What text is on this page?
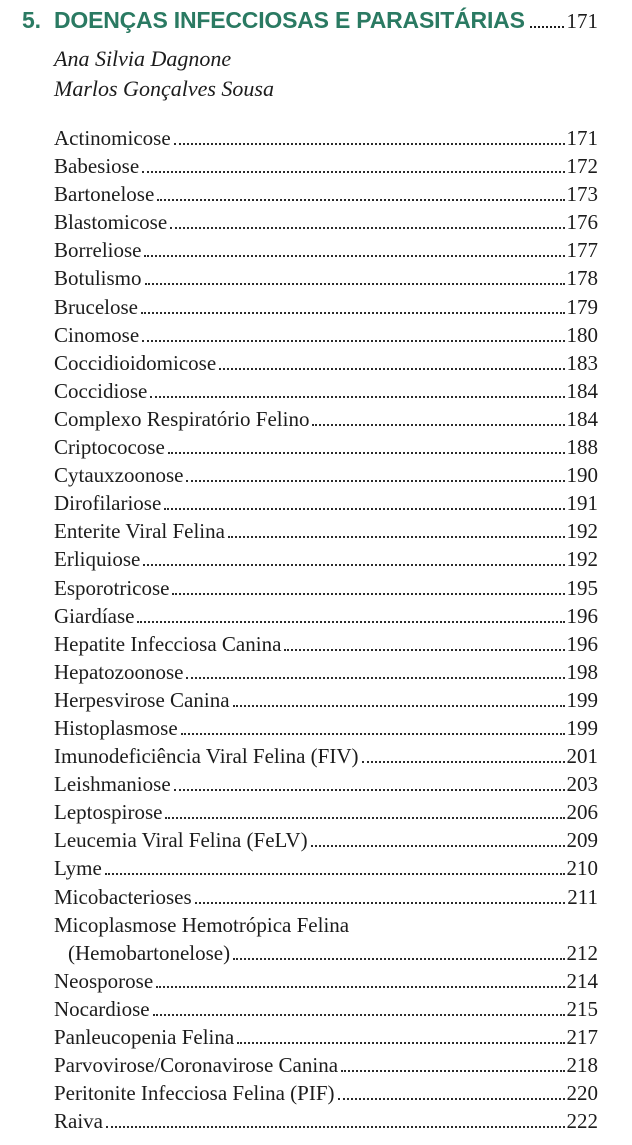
5. DOENÇAS INFECCIOSAS E PARASITÁRIAS 171
Ana Silvia Dagnone
Marlos Gonçalves Sousa
Actinomicose	171
Babesiose	172
Bartonelose	173
Blastomicose	176
Borreliose	177
Botulismo	178
Brucelose	179
Cinomose	180
Coccidioidomicose	183
Coccidiose	184
Complexo Respiratório Felino	184
Criptococose	188
Cytauxzoonose	190
Dirofilariose	191
Enterite Viral Felina	192
Erliquiose	192
Esporotricose	195
Giardíase	196
Hepatite Infecciosa Canina	196
Hepatozoonose	198
Herpesvirose Canina	199
Histoplasmose	199
Imunodeficiência Viral Felina (FIV)	201
Leishmaniose	203
Leptospirose	206
Leucemia Viral Felina (FeLV)	209
Lyme	210
Micobacterioses	211
Micoplasmose Hemotrópica Felina
(Hemobartonelose)	212
Neosporose	214
Nocardiose	215
Panleucopenia Felina	217
Parvovirose/Coronavirose Canina	218
Peritonite Infecciosa Felina (PIF)	220
Raiva	222
